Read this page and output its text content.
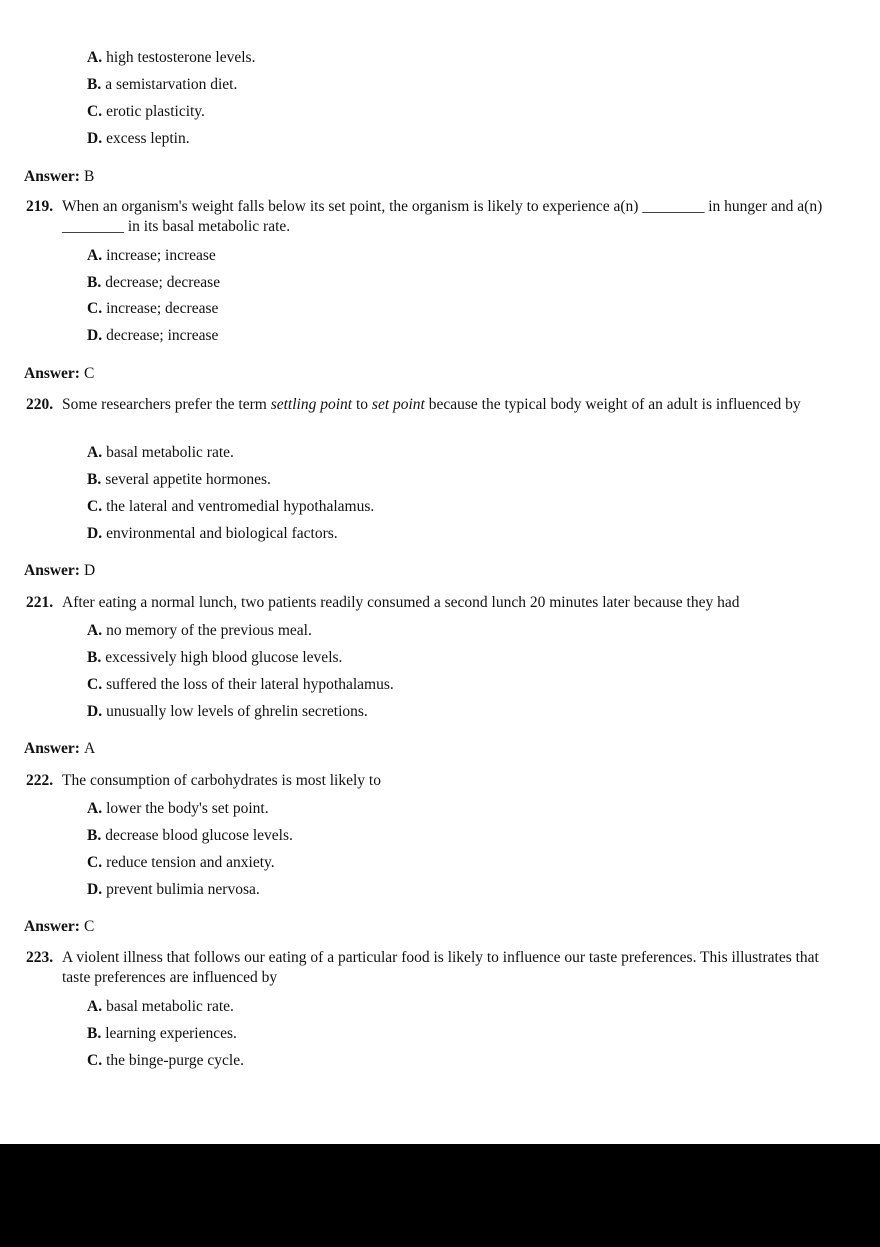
A. high testosterone levels.
B. a semistarvation diet.
C. erotic plasticity.
D. excess leptin.
Answer: B
219. When an organism's weight falls below its set point, the organism is likely to experience a(n) ________ in hunger and a(n) ________ in its basal metabolic rate.
A. increase; increase
B. decrease; decrease
C. increase; decrease
D. decrease; increase
Answer: C
220. Some researchers prefer the term settling point to set point because the typical body weight of an adult is influenced by
A. basal metabolic rate.
B. several appetite hormones.
C. the lateral and ventromedial hypothalamus.
D. environmental and biological factors.
Answer: D
221. After eating a normal lunch, two patients readily consumed a second lunch 20 minutes later because they had
A. no memory of the previous meal.
B. excessively high blood glucose levels.
C. suffered the loss of their lateral hypothalamus.
D. unusually low levels of ghrelin secretions.
Answer: A
222. The consumption of carbohydrates is most likely to
A. lower the body's set point.
B. decrease blood glucose levels.
C. reduce tension and anxiety.
D. prevent bulimia nervosa.
Answer: C
223. A violent illness that follows our eating of a particular food is likely to influence our taste preferences. This illustrates that taste preferences are influenced by
A. basal metabolic rate.
B. learning experiences.
C. the binge-purge cycle.
